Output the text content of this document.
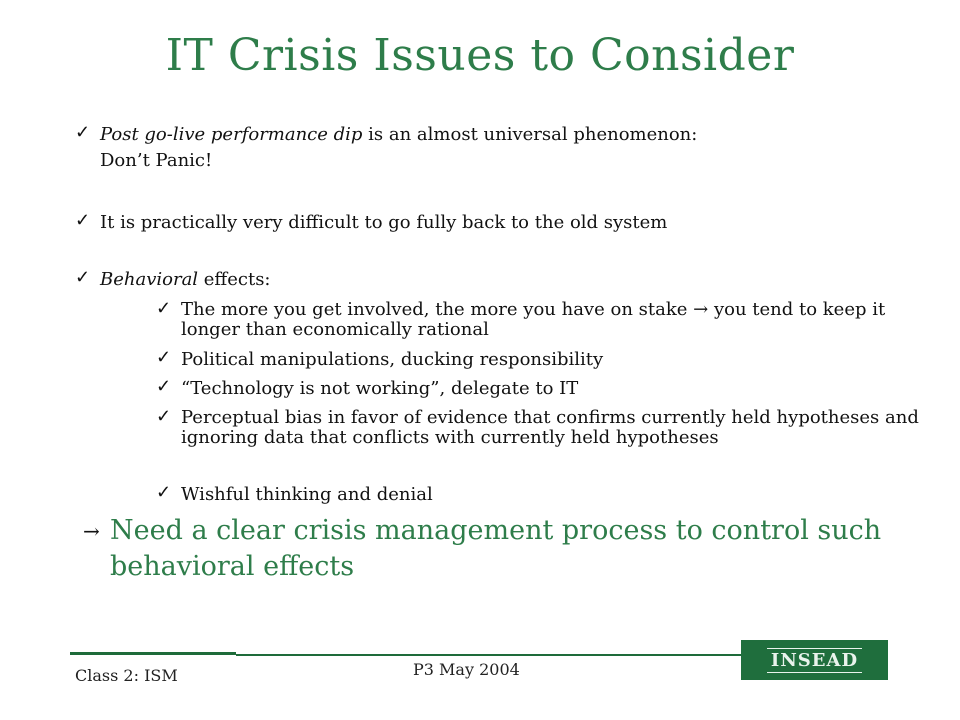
IT Crisis Issues to Consider
✓ Post go-live performance dip is an almost universal phenomenon:
Don’t Panic!
✓ It is practically very difficult to go fully back to the old system
✓ Behavioral effects:
✓ The more you get involved, the more you have on stake → you tend to keep it longer than economically rational
✓ Political manipulations, ducking responsibility
✓ “Technology is not working”, delegate to IT
✓ Perceptual bias in favor of evidence that confirms currently held hypotheses and ignoring data that conflicts with currently held hypotheses
✓ Wishful thinking and denial
→ Need a clear crisis management process to control such behavioral effects
Class 2: ISM	P3 May 2004	INSEAD
